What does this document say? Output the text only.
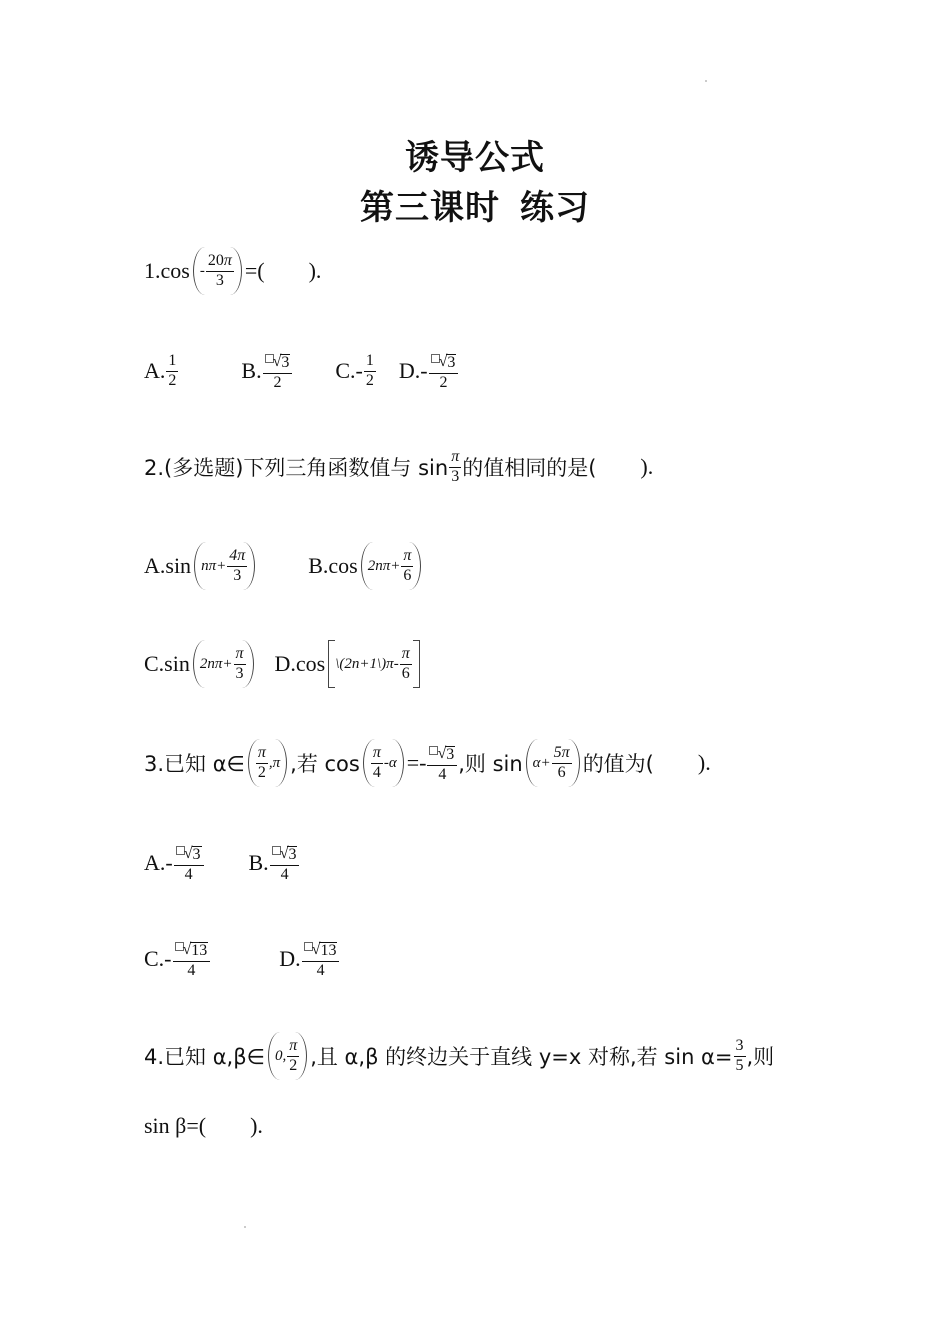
诱导公式
第三课时 练习
$1.\cos - \frac{20\pi}{3}$ =( ).
A. $\frac{1}{2}$	B. $\frac{√ 3}{2} C.- \frac{1}{2} D.- \frac{√ 3}{2}$
2.(多选题)下列三角函数值与 $\sin \frac{\pi}{3}$ 的值相同的是( ).
A.sin $n\pi+ \frac{4\pi}{3}$	B.cos $2n\pi+ \frac{\pi}{6}$
C.sin $2n\pi+ \frac{\pi}{3} D.\cos$ \(2n+1\)π- $\frac{\pi}{6}$
3.已知 α∈ $\frac{\pi}{2} ,\pi$ ,若 $\cos \frac{\pi}{4} -\alpha =- \frac{√ 3}{4}$ ,则 $\sin \alpha+ \frac{5\pi}{6}$ 的值为( ).
$A.- \frac{√ 3}{4} B$. $\frac{√ 3}{4}$
$C.- \frac{√ 13}{4}$	D. $\frac{√ 13}{4}$
4.已知 α,β∈ 0, $\frac{\pi}{2}$ ,且 α,β 的终边关于直线 y=x 对称,若 $\sin \alpha= \frac{3}{5}$ ,则
sin β=( ).
